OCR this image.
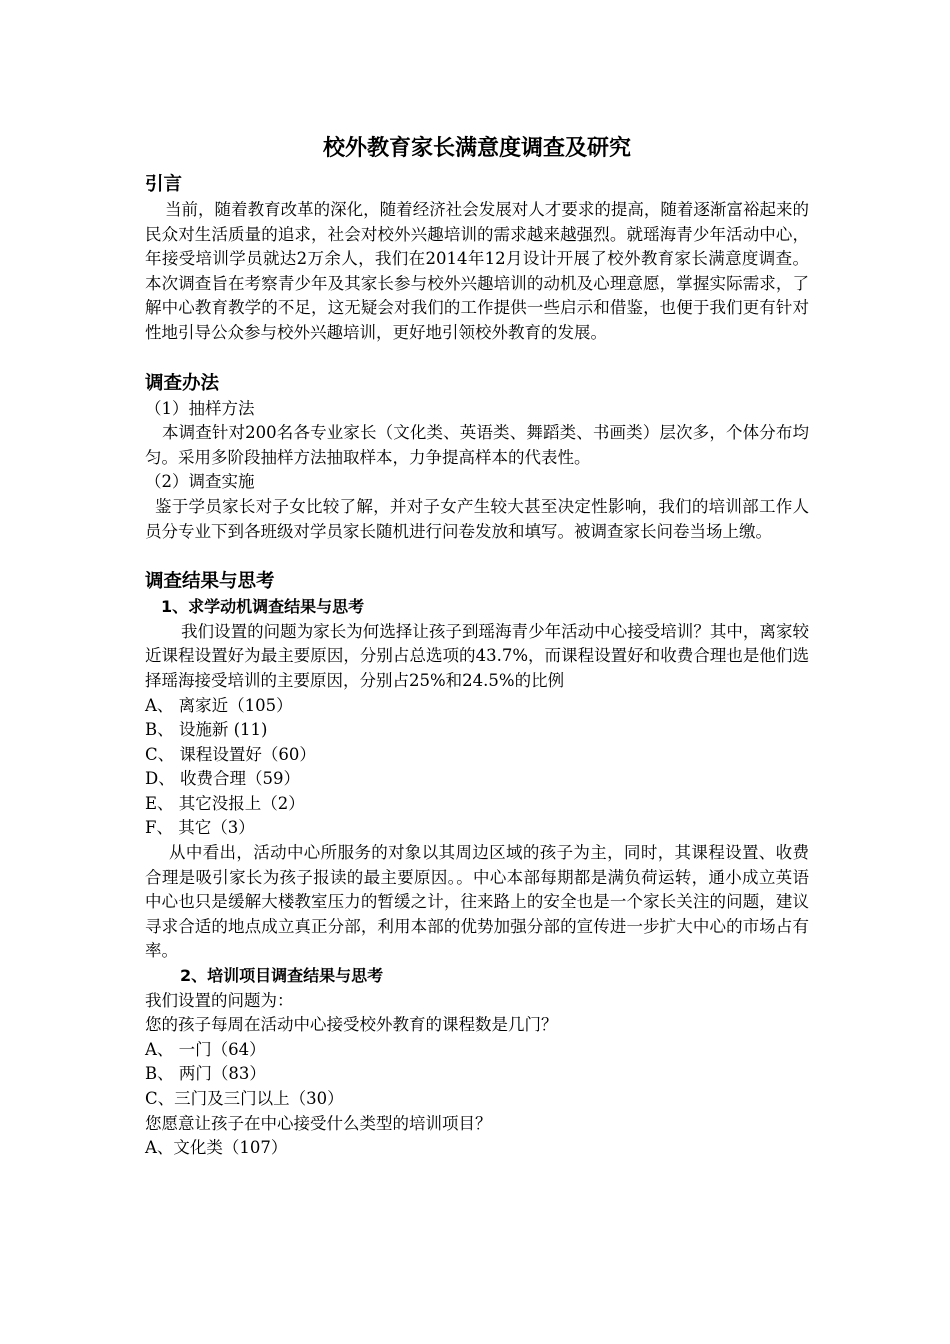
校外教育家长满意度调查及研究
引言
当前，随着教育改革的深化，随着经济社会发展对人才要求的提高，随着逐渐富裕起来的民众对生活质量的追求，社会对校外兴趣培训的需求越来越强烈。就瑶海青少年活动中心，年接受培训学员就达2万余人，我们在2014年12月设计开展了校外教育家长满意度调查。本次调查旨在考察青少年及其家长参与校外兴趣培训的动机及心理意愿，掌握实际需求，了解中心教育教学的不足，这无疑会对我们的工作提供一些启示和借鉴，也便于我们更有针对性地引导公众参与校外兴趣培训，更好地引领校外教育的发展。
调查办法
（1）抽样方法
本调查针对200名各专业家长（文化类、英语类、舞蹈类、书画类）层次多，个体分布均匀。采用多阶段抽样方法抽取样本，力争提高样本的代表性。
（2）调查实施
鉴于学员家长对子女比较了解，并对子女产生较大甚至决定性影响，我们的培训部工作人员分专业下到各班级对学员家长随机进行问卷发放和填写。被调查家长问卷当场上缴。
调查结果与思考
1、求学动机调查结果与思考
我们设置的问题为家长为何选择让孩子到瑶海青少年活动中心接受培训？其中，离家较近课程设置好为最主要原因，分别占总选项的43.7%，而课程设置好和收费合理也是他们选择瑶海接受培训的主要原因，分别占25%和24.5%的比例
A、 离家近（105）
B、 设施新 (11)
C、 课程设置好（60）
D、 收费合理（59）
E、 其它没报上（2）
F、 其它（3）
从中看出，活动中心所服务的对象以其周边区域的孩子为主，同时，其课程设置、收费合理是吸引家长为孩子报读的最主要原因。。中心本部每期都是满负荷运转，通小成立英语中心也只是缓解大楼教室压力的暂缓之计，往来路上的安全也是一个家长关注的问题，建议寻求合适的地点成立真正分部，利用本部的优势加强分部的宣传进一步扩大中心的市场占有率。
2、培训项目调查结果与思考
我们设置的问题为：
您的孩子每周在活动中心接受校外教育的课程数是几门？
A、 一门（64）
B、 两门（83）
C、三门及三门以上（30）
您愿意让孩子在中心接受什么类型的培训项目？
A、文化类（107）
